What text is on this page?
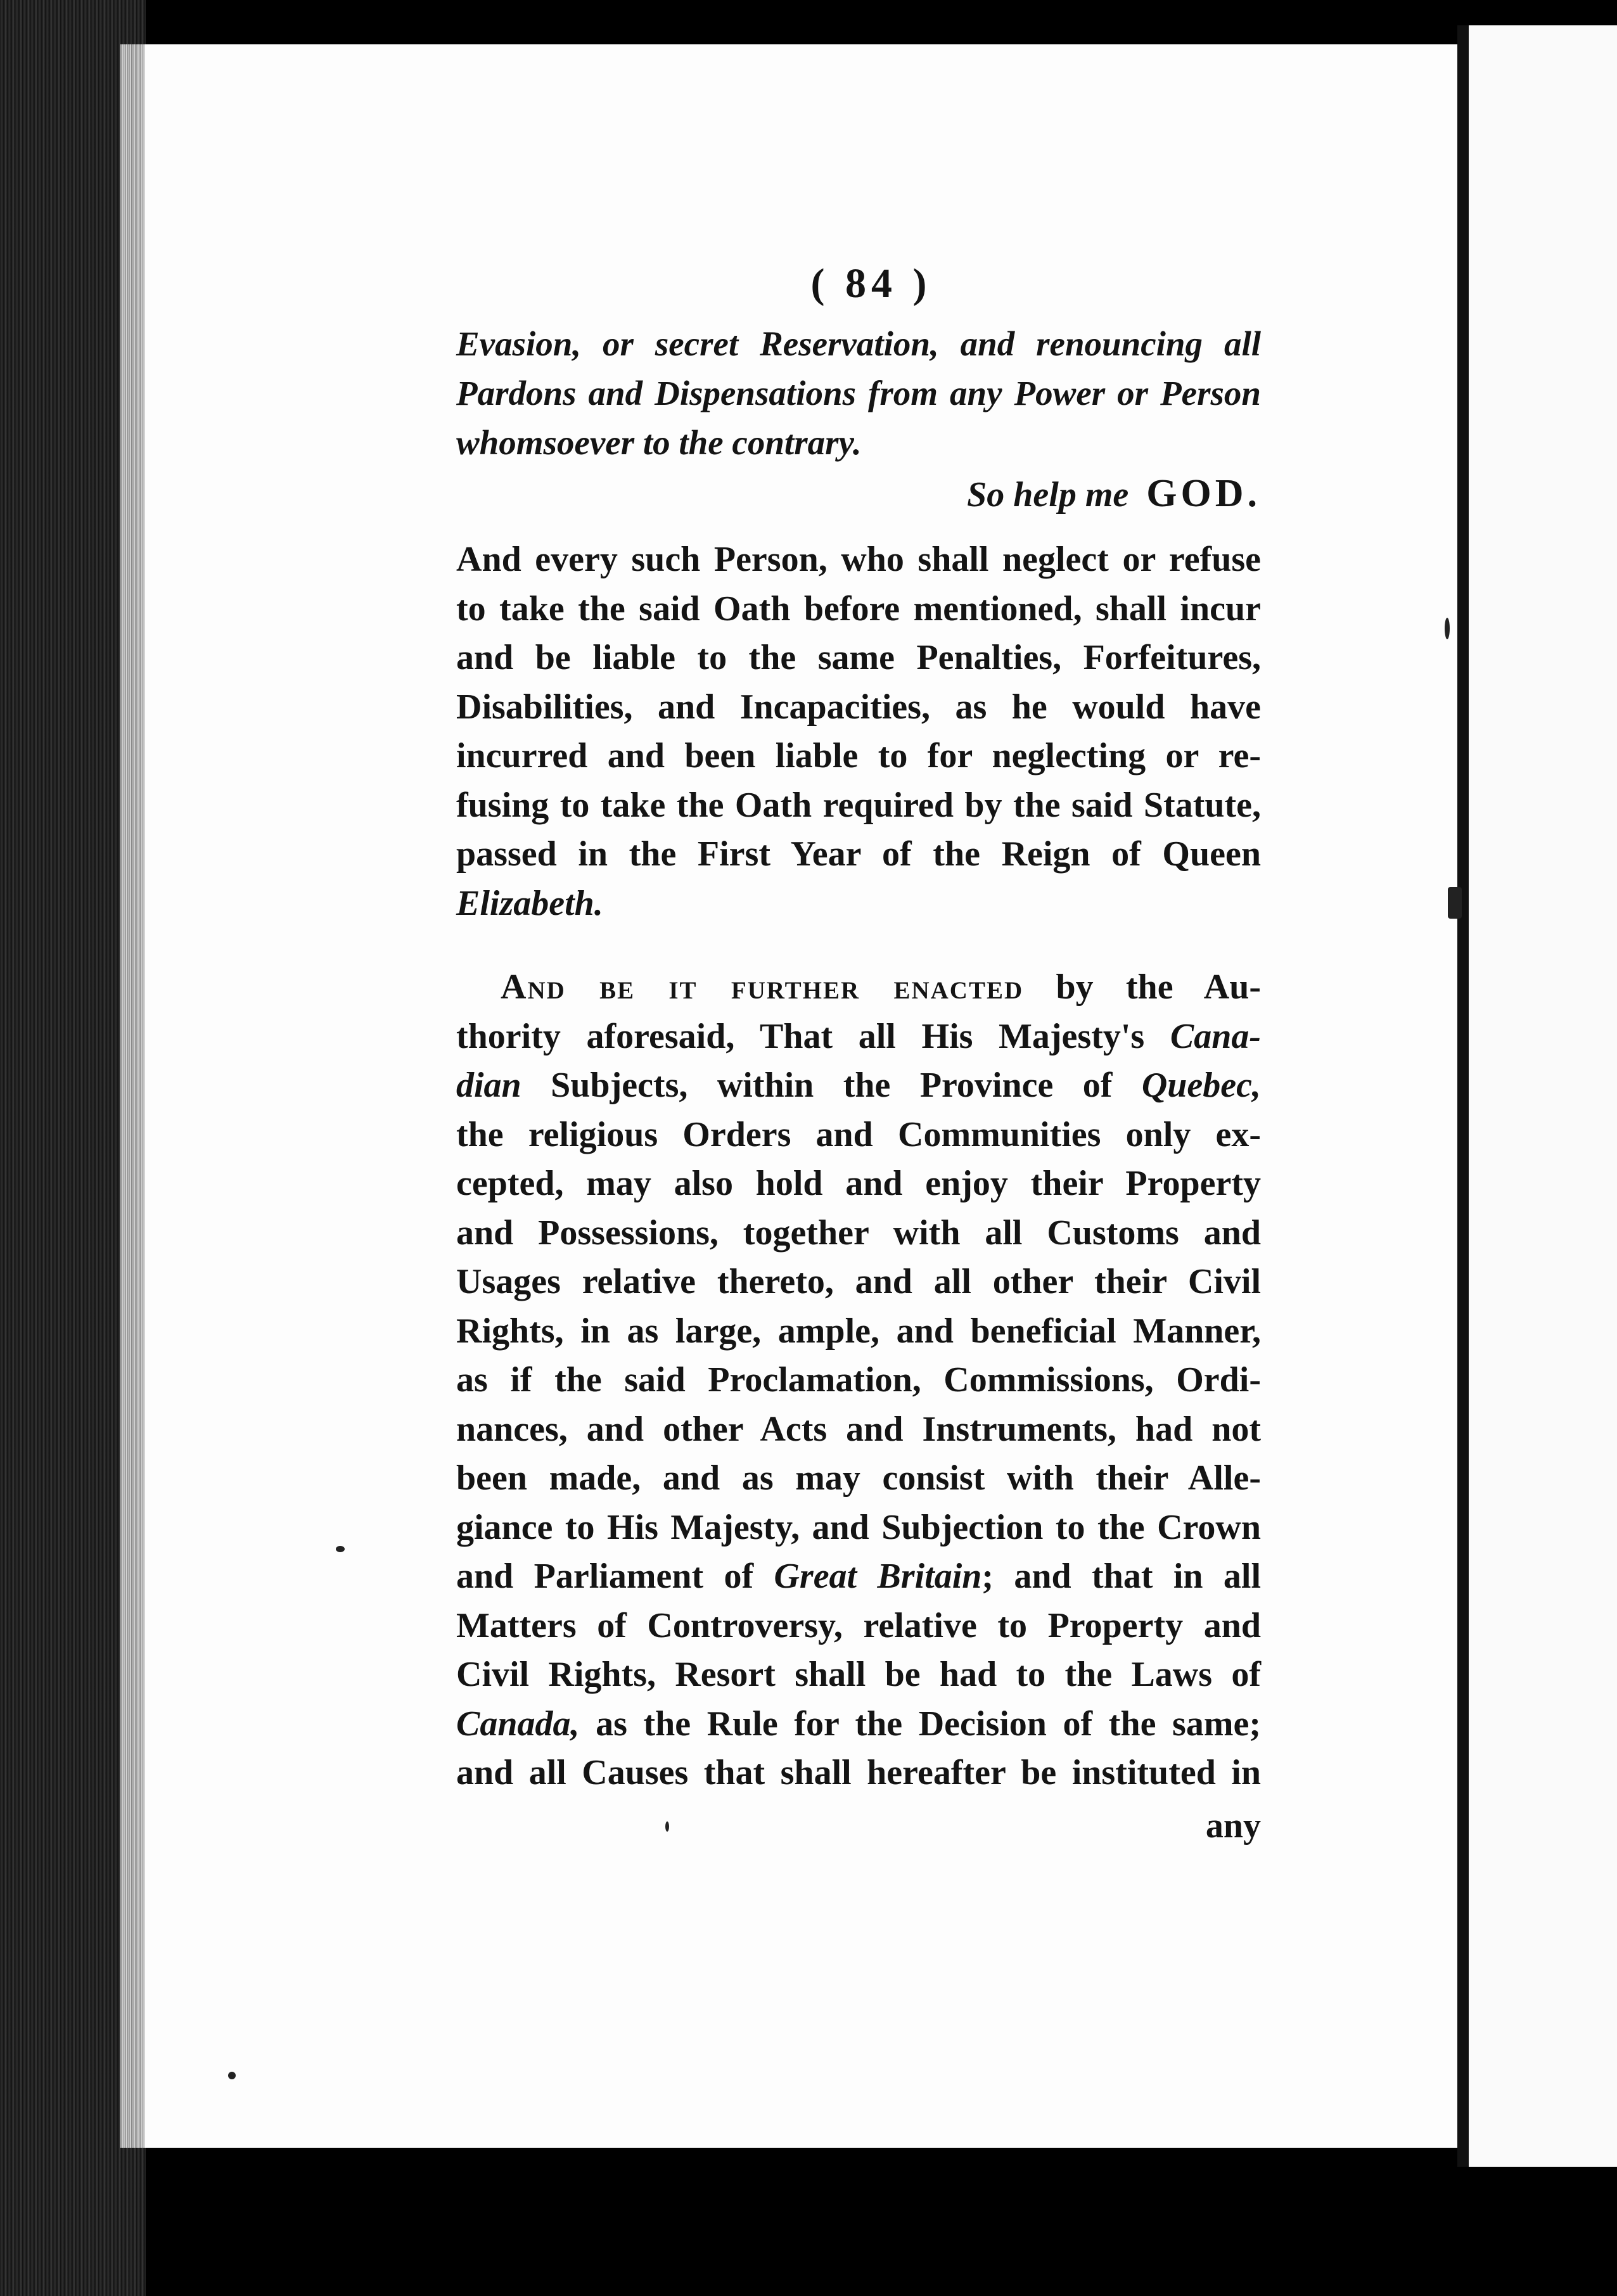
( 84 )
Evasion, or secret Reservation, and renouncing all
Pardons and Dispensations from any Power or Person
whomsoever to the contrary.
So help me GOD.
And every such Person, who shall neglect or refuse
to take the said Oath before mentioned, shall incur
and be liable to the same Penalties, Forfeitures,
Disabilities, and Incapacities, as he would have
incurred and been liable to for neglecting or re-
fusing to take the Oath required by the said Statute,
passed in the First Year of the Reign of Queen
Elizabeth.
And be it further enacted by the Au-
thority aforesaid, That all His Majesty's Cana-
dian Subjects, within the Province of Quebec,
the religious Orders and Communities only ex-
cepted, may also hold and enjoy their Property
and Possessions, together with all Customs and
Usages relative thereto, and all other their Civil
Rights, in as large, ample, and beneficial Manner,
as if the said Proclamation, Commissions, Ordi-
nances, and other Acts and Instruments, had not
been made, and as may consist with their Alle-
giance to His Majesty, and Subjection to the Crown
and Parliament of Great Britain; and that in all
Matters of Controversy, relative to Property and
Civil Rights, Resort shall be had to the Laws of
Canada, as the Rule for the Decision of the same;
and all Causes that shall hereafter be instituted in
any
